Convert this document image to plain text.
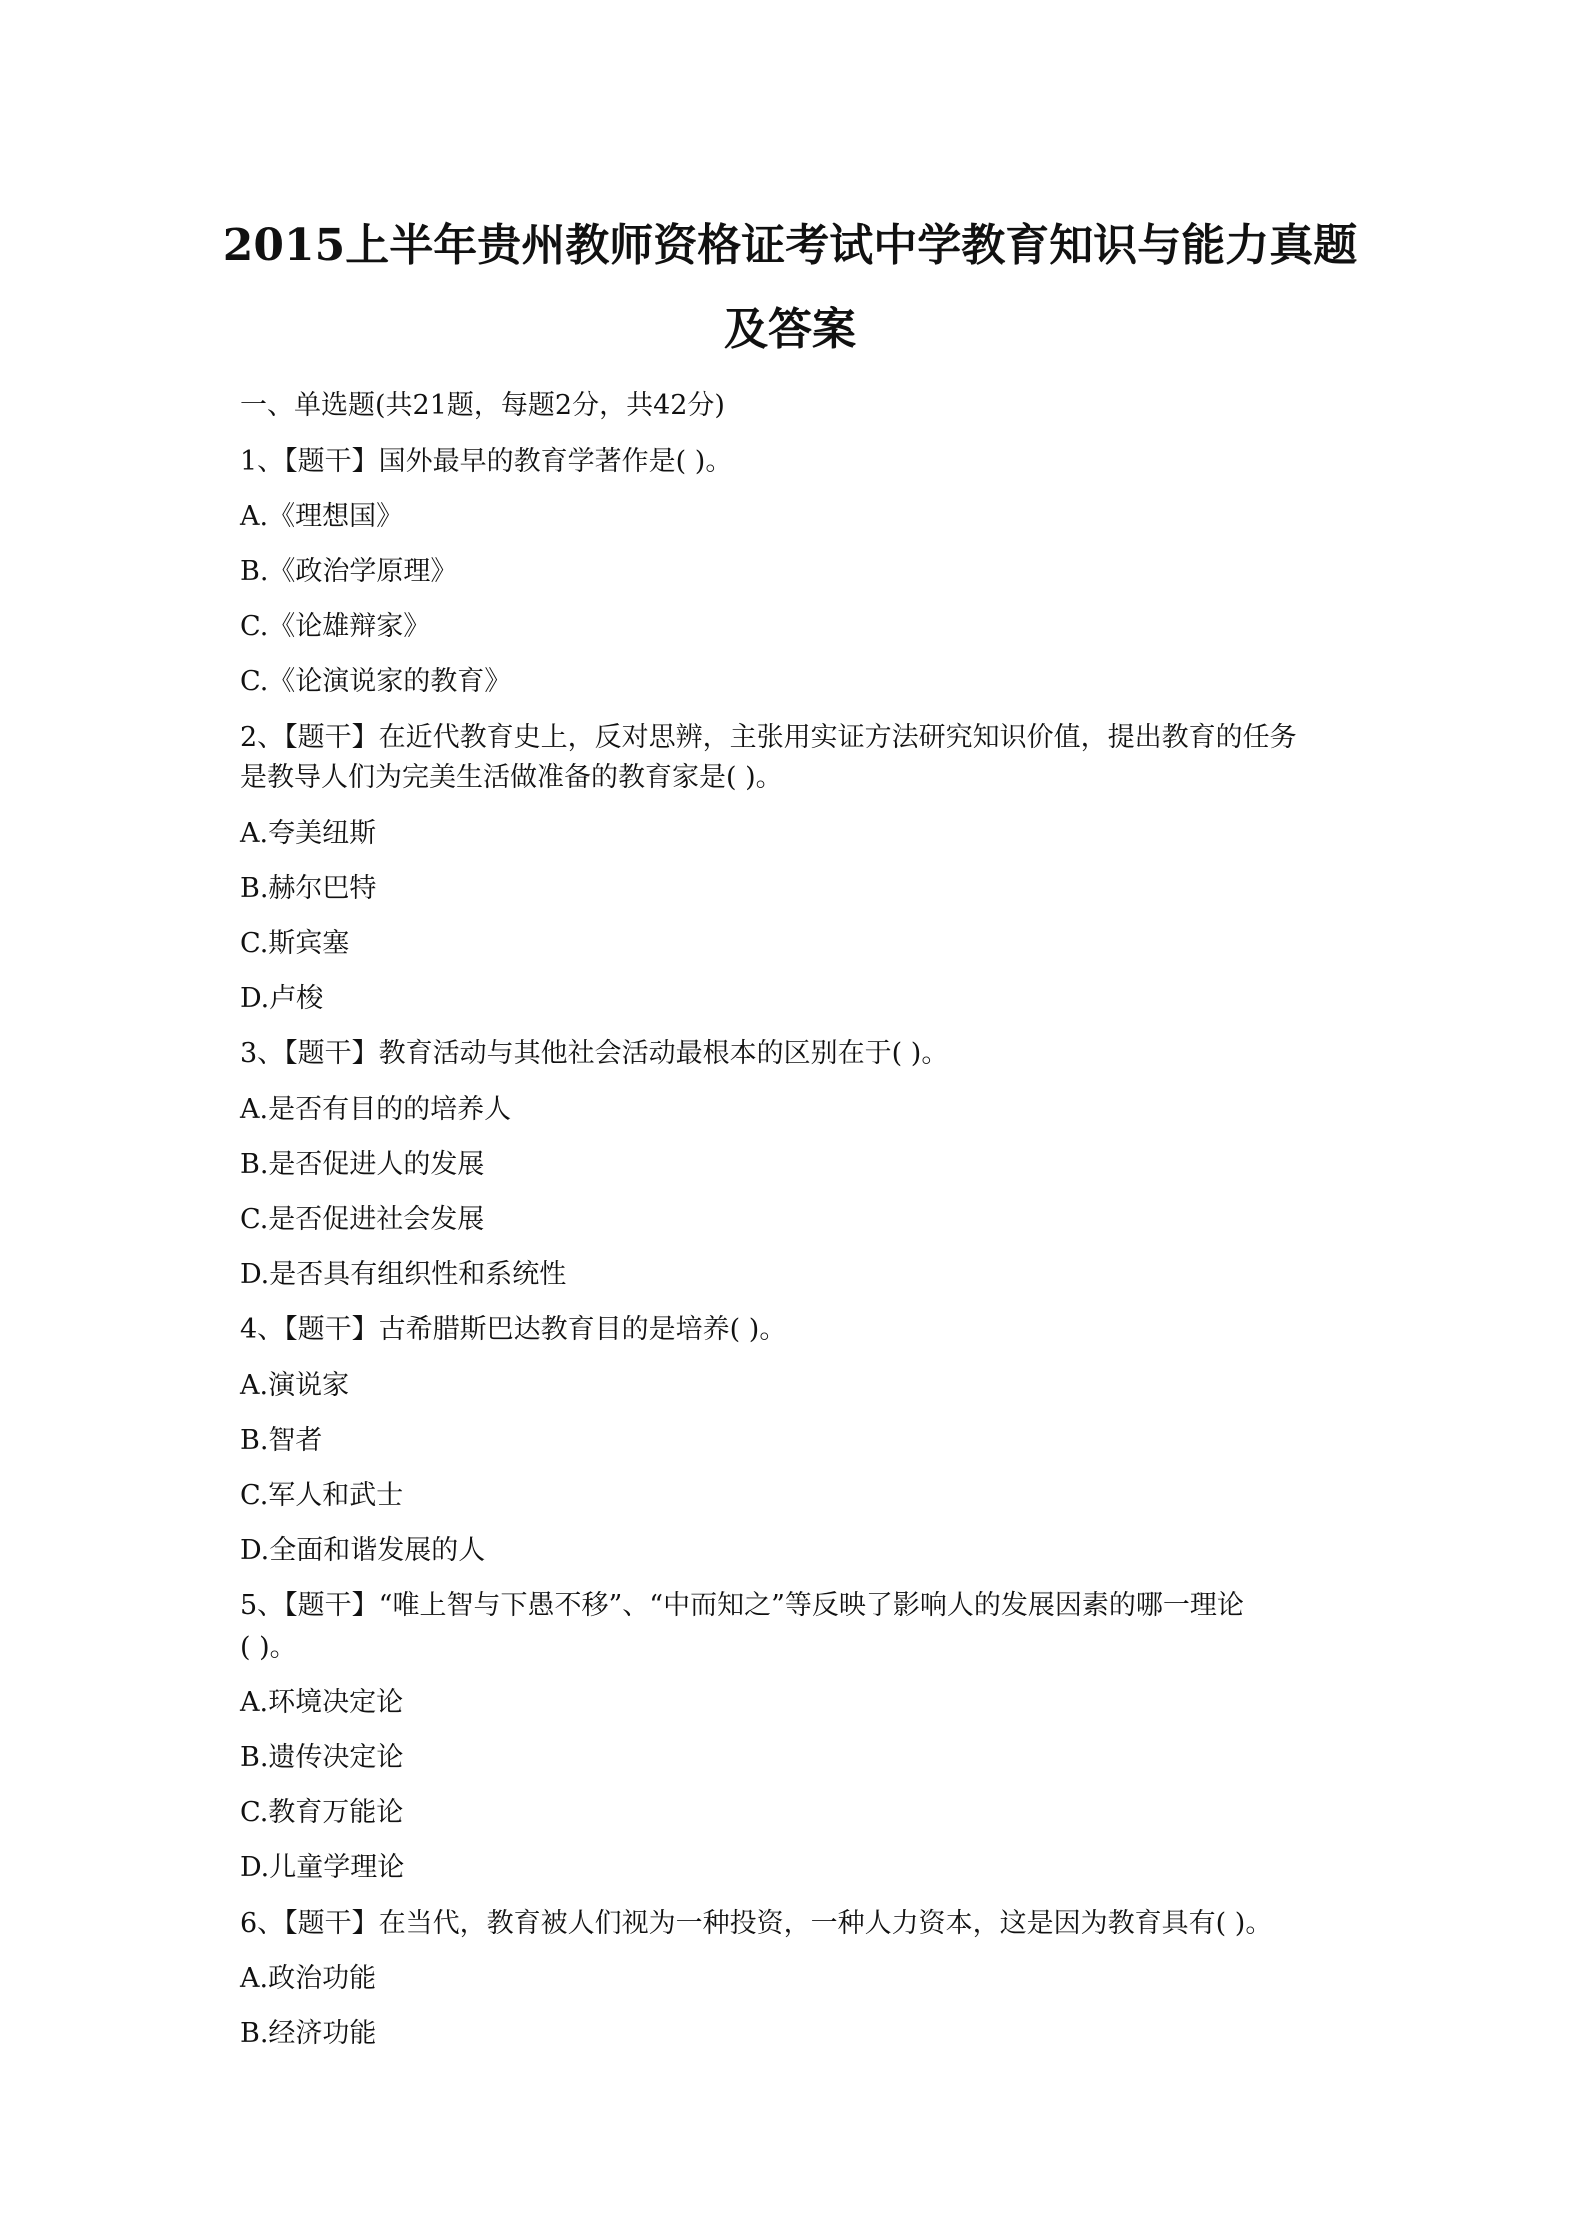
2015上半年贵州教师资格证考试中学教育知识与能力真题
及答案
一、单选题(共21题，每题2分，共42分)
1、【题干】国外最早的教育学著作是( )。
A.《理想国》
B.《政治学原理》
C.《论雄辩家》
C.《论演说家的教育》
2、【题干】在近代教育史上，反对思辨，主张用实证方法研究知识价值，提出教育的任务
是教导人们为完美生活做准备的教育家是( )。
A.夸美纽斯
B.赫尔巴特
C.斯宾塞
D.卢梭
3、【题干】教育活动与其他社会活动最根本的区别在于( )。
A.是否有目的的培养人
B.是否促进人的发展
C.是否促进社会发展
D.是否具有组织性和系统性
4、【题干】古希腊斯巴达教育目的是培养( )。
A.演说家
B.智者
C.军人和武士
D.全面和谐发展的人
5、【题干】“唯上智与下愚不移”、“中而知之”等反映了影响人的发展因素的哪一理论
( )。
A.环境决定论
B.遗传决定论
C.教育万能论
D.儿童学理论
6、【题干】在当代，教育被人们视为一种投资，一种人力资本，这是因为教育具有( )。
A.政治功能
B.经济功能
